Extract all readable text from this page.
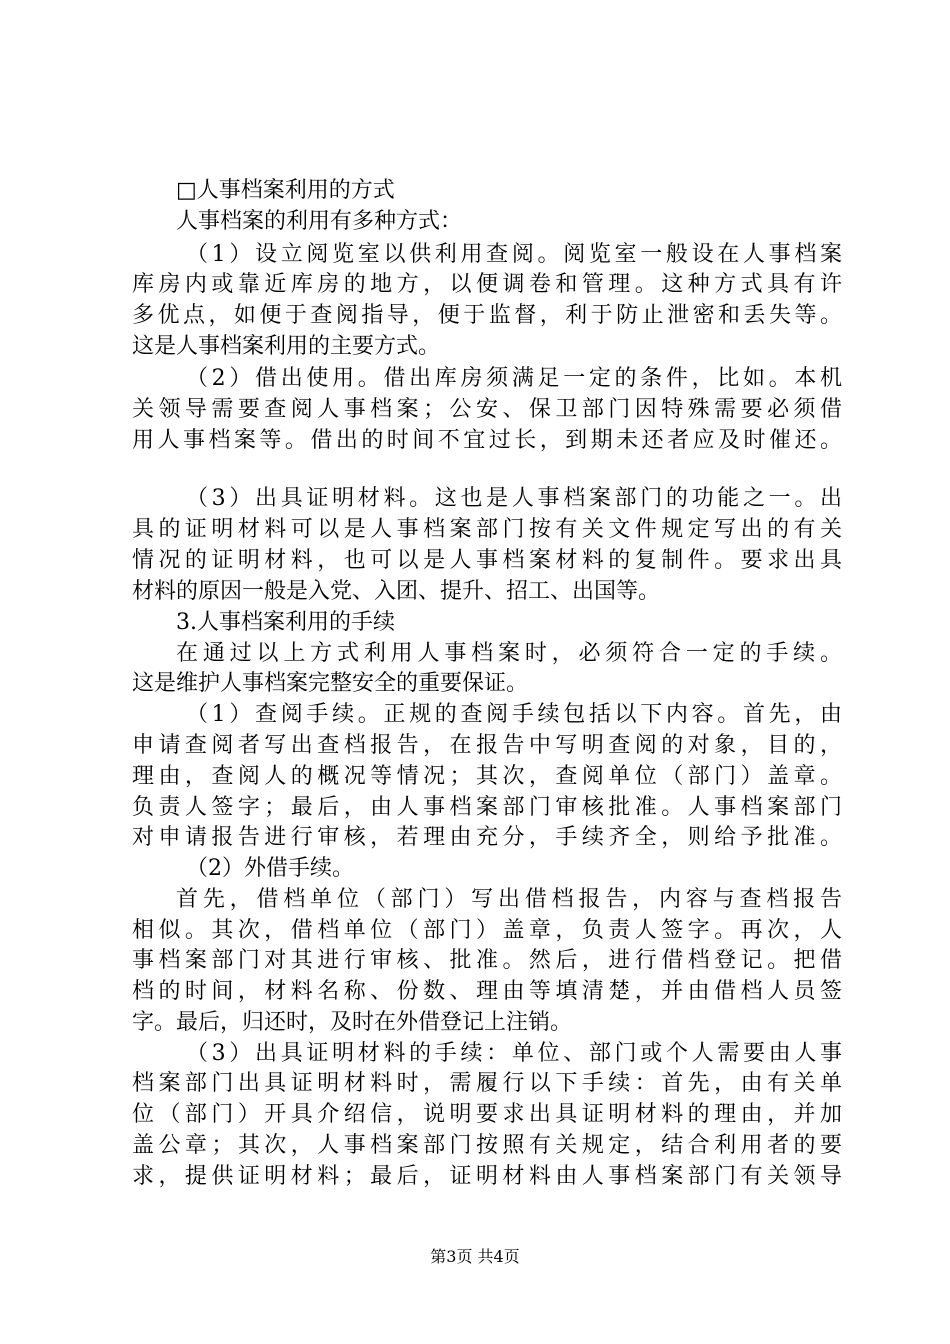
□人事档案利用的方式
人事档案的利用有多种方式：
（1）设立阅览室以供利用查阅。阅览室一般设在人事档案
库房内或靠近库房的地方，以便调卷和管理。这种方式具有许
多优点，如便于查阅指导，便于监督，利于防止泄密和丢失等。
这是人事档案利用的主要方式。
（2）借出使用。借出库房须满足一定的条件，比如。本机
关领导需要查阅人事档案；公安、保卫部门因特殊需要必须借
用人事档案等。借出的时间不宜过长，到期未还者应及时催还。
（3）出具证明材料。这也是人事档案部门的功能之一。出
具的证明材料可以是人事档案部门按有关文件规定写出的有关
情况的证明材料，也可以是人事档案材料的复制件。要求出具
材料的原因一般是入党、入团、提升、招工、出国等。
3.人事档案利用的手续
在通过以上方式利用人事档案时，必须符合一定的手续。
这是维护人事档案完整安全的重要保证。
（1）查阅手续。正规的查阅手续包括以下内容。首先，由
申请查阅者写出查档报告，在报告中写明查阅的对象，目的，
理由，查阅人的概况等情况；其次，查阅单位（部门）盖章。
负责人签字；最后，由人事档案部门审核批准。人事档案部门
对申请报告进行审核，若理由充分，手续齐全，则给予批准。
（2）外借手续。
首先，借档单位（部门）写出借档报告，内容与查档报告
相似。其次，借档单位（部门）盖章，负责人签字。再次，人
事档案部门对其进行审核、批准。然后，进行借档登记。把借
档的时间，材料名称、份数、理由等填清楚，并由借档人员签
字。最后，归还时，及时在外借登记上注销。
（3）出具证明材料的手续：单位、部门或个人需要由人事
档案部门出具证明材料时，需履行以下手续：首先，由有关单
位（部门）开具介绍信，说明要求出具证明材料的理由，并加
盖公章；其次，人事档案部门按照有关规定，结合利用者的要
求，提供证明材料；最后，证明材料由人事档案部门有关领导
第3页 共4页
